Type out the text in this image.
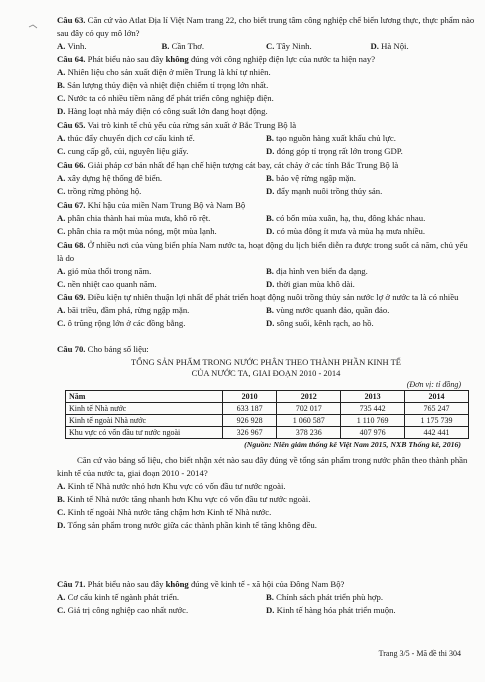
Câu 63. Căn cứ vào Atlat Địa lí Việt Nam trang 22, cho biết trung tâm công nghiệp chế biến lương thực, thực phẩm nào sau đây có quy mô lớn?

A. Vinh.	B. Cần Thơ.	C. Tây Ninh.	D. Hà Nội.

Câu 64. Phát biểu nào sau đây không đúng với công nghiệp điện lực của nước ta hiện nay?

A. Nhiên liệu cho sản xuất điện ở miền Trung là khí tự nhiên.
B. Sản lượng thủy điện và nhiệt điện chiếm tỉ trọng lớn nhất.
C. Nước ta có nhiều tiềm năng để phát triển công nghiệp điện.
D. Hàng loạt nhà máy điện có công suất lớn đang hoạt động.

Câu 65. Vai trò kinh tế chủ yếu của rừng sản xuất ở Bắc Trung Bộ là

A. thúc đẩy chuyển dịch cơ cấu kinh tế.	B. tạo nguồn hàng xuất khẩu chủ lực.
C. cung cấp gỗ, củi, nguyên liệu giấy.	D. đóng góp tỉ trọng rất lớn trong GDP.

Câu 66. Giải pháp cơ bản nhất để hạn chế hiện tượng cát bay, cát chảy ở các tỉnh Bắc Trung Bộ là

A. xây dựng hệ thống đê biển.	B. bảo vệ rừng ngập mặn.
C. trồng rừng phòng hộ.	D. đẩy mạnh nuôi trồng thủy sản.

Câu 67. Khí hậu của miền Nam Trung Bộ và Nam Bộ

A. phân chia thành hai mùa mưa, khô rõ rệt.	B. có bốn mùa xuân, hạ, thu, đông khác nhau.
C. phân chia ra một mùa nóng, một mùa lạnh.	D. có mùa đông ít mưa và mùa hạ mưa nhiều.

Câu 68. Ở nhiều nơi của vùng biển phía Nam nước ta, hoạt động du lịch biển diễn ra được trong suốt cả năm, chủ yếu là do

A. gió mùa thổi trong năm.	B. địa hình ven biển đa dạng.
C. nền nhiệt cao quanh năm.	D. thời gian mùa khô dài.

Câu 69. Điều kiện tự nhiên thuận lợi nhất để phát triển hoạt động nuôi trồng thủy sản nước lợ ở nước ta là có nhiều

A. bãi triều, đầm phá, rừng ngập mặn.	B. vùng nước quanh đảo, quần đảo.
C. ô trũng rộng lớn ở các đồng bằng.	D. sông suối, kênh rạch, ao hồ.

Câu 70. Cho bảng số liệu:

TỔNG SẢN PHẨM TRONG NƯỚC PHÂN THEO THÀNH PHẦN KINH TẾ
CỦA NƯỚC TA, GIAI ĐOẠN 2010 - 2014
(Đơn vị: tỉ đồng)
Năm	2010	2012	2013	2014
Kinh tế Nhà nước	633 187	702 017	735 442	765 247
Kinh tế ngoài Nhà nước	926 928	1 060 587	1 110 769	1 175 739
Khu vực có vốn đầu tư nước ngoài	326 967	378 236	407 976	442 441
(Nguồn: Niên giám thống kê Việt Nam 2015, NXB Thống kê, 2016)

Căn cứ vào bảng số liệu, cho biết nhận xét nào sau đây đúng về tổng sản phẩm trong nước phân theo thành phần kinh tế của nước ta, giai đoạn 2010 - 2014?

A. Kinh tế Nhà nước nhỏ hơn Khu vực có vốn đầu tư nước ngoài.
B. Kinh tế Nhà nước tăng nhanh hơn Khu vực có vốn đầu tư nước ngoài.
C. Kinh tế ngoài Nhà nước tăng chậm hơn Kinh tế Nhà nước.
D. Tổng sản phẩm trong nước giữa các thành phần kinh tế tăng không đều.

Câu 71. Phát biểu nào sau đây không đúng về kinh tế - xã hội của Đông Nam Bộ?

A. Cơ cấu kinh tế ngành phát triển.	B. Chính sách phát triển phù hợp.
C. Giá trị công nghiệp cao nhất nước.	D. Kinh tế hàng hóa phát triển muộn.
Trang 3/5 - Mã đề thi 304
